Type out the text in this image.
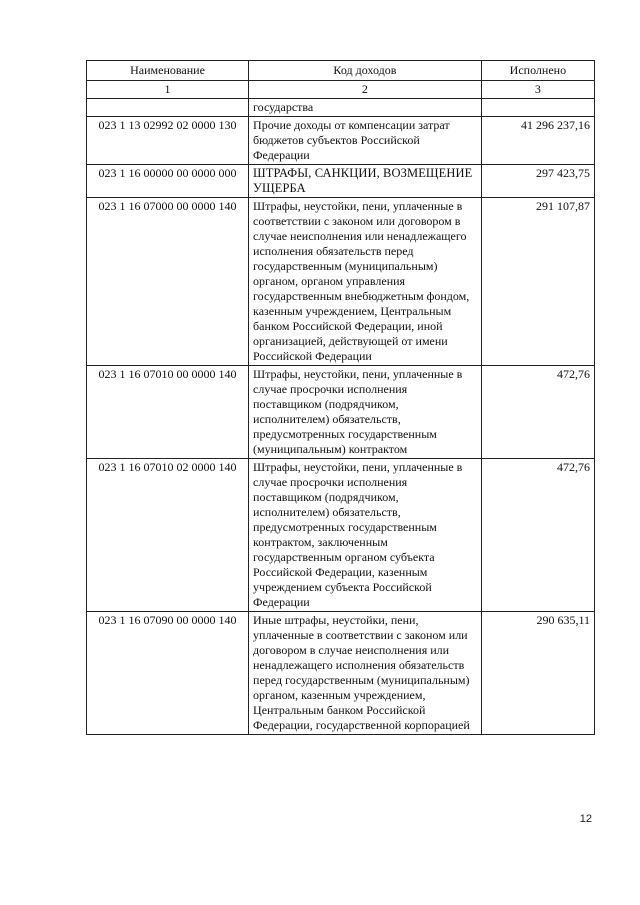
Наименование	Код доходов	Исполнено
1	2	3
	государства	
023 1 13 02992 02 0000 130	Прочие доходы от компенсации затрат бюджетов субъектов Российской Федерации	41 296 237,16
023 1 16 00000 00 0000 000	ШТРАФЫ, САНКЦИИ, ВОЗМЕЩЕНИЕ УЩЕРБА	297 423,75
023 1 16 07000 00 0000 140	Штрафы, неустойки, пени, уплаченные в соответствии с законом или договором в случае неисполнения или ненадлежащего исполнения обязательств перед государственным (муниципальным) органом, органом управления государственным внебюджетным фондом, казенным учреждением, Центральным банком Российской Федерации, иной организацией, действующей от имени Российской Федерации	291 107,87
023 1 16 07010 00 0000 140	Штрафы, неустойки, пени, уплаченные в случае просрочки исполнения поставщиком (подрядчиком, исполнителем) обязательств, предусмотренных государственным (муниципальным) контрактом	472,76
023 1 16 07010 02 0000 140	Штрафы, неустойки, пени, уплаченные в случае просрочки исполнения поставщиком (подрядчиком, исполнителем) обязательств, предусмотренных государственным контрактом, заключенным государственным органом субъекта Российской Федерации, казенным учреждением субъекта Российской Федерации	472,76
023 1 16 07090 00 0000 140	Иные штрафы, неустойки, пени, уплаченные в соответствии с законом или договором в случае неисполнения или ненадлежащего исполнения обязательств перед государственным (муниципальным) органом, казенным учреждением, Центральным банком Российской Федерации, государственной корпорацией	290 635,11
12
